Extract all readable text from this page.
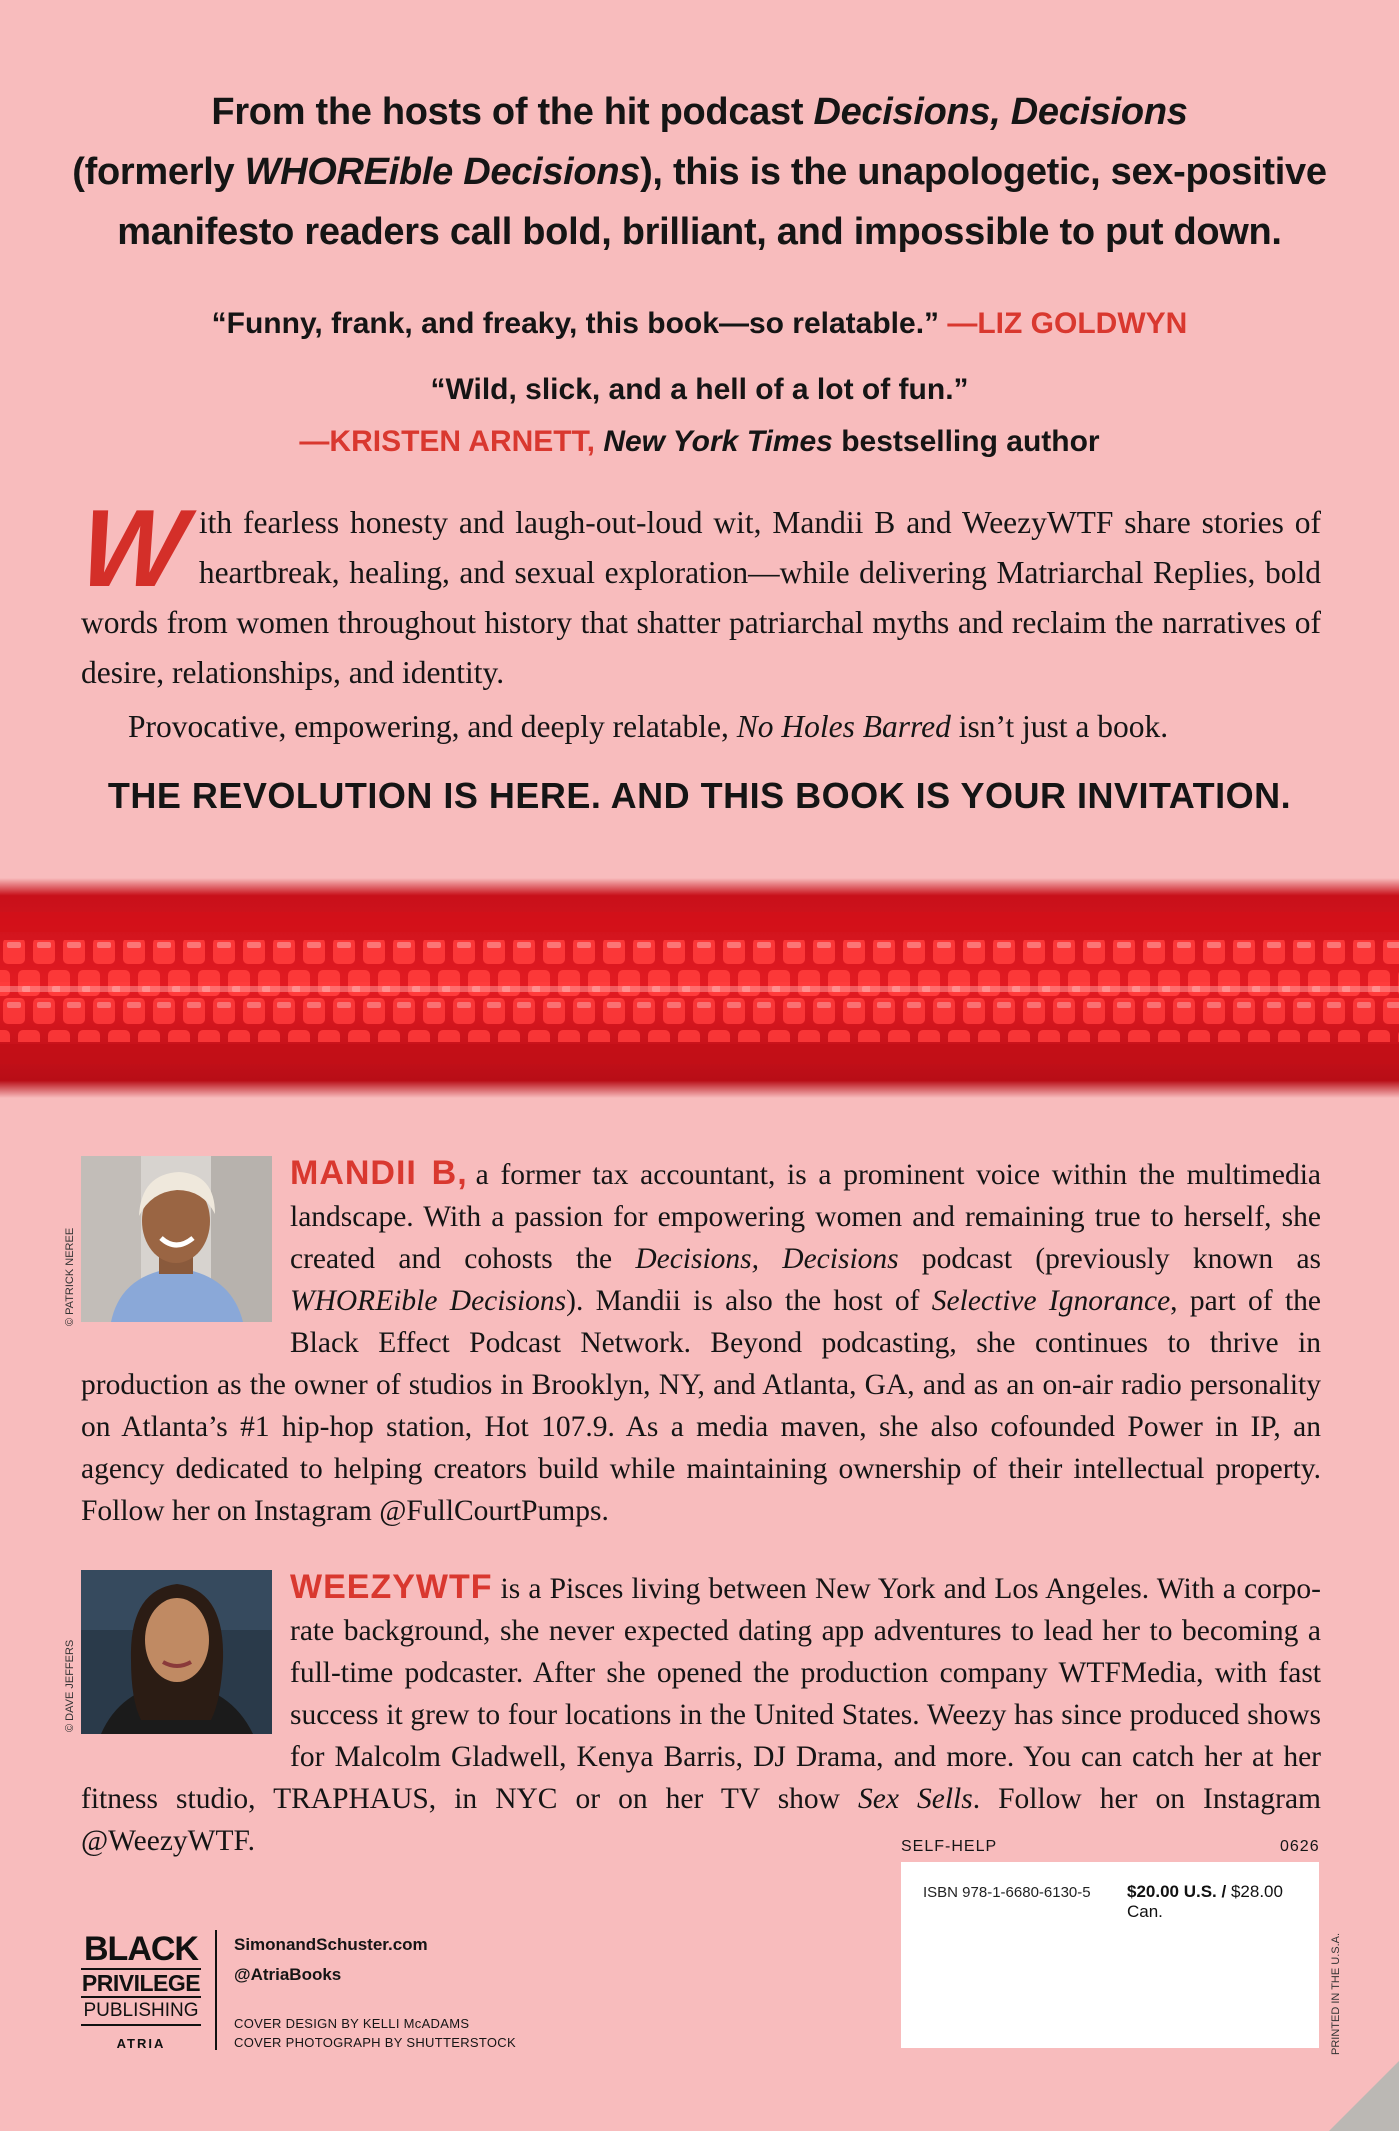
From the hosts of the hit podcast Decisions, Decisions

(formerly WHOREible Decisions), this is the unapologetic, sex-positive

manifesto readers call bold, brilliant, and impossible to put down.

“Funny, frank, and freaky, this book—so relatable.” —LIZ GOLDWYN
“Wild, slick, and a hell of a lot of fun.”
—KRISTEN ARNETT, New York Times bestselling author

With fearless honesty and laugh-out-loud wit, Mandii B and WeezyWTF share stories of heartbreak, healing, and sexual exploration—while delivering Matriarchal Replies, bold words from women throughout history that shatter patriarchal myths and reclaim the narratives of desire, relationships, and identity.

Provocative, empowering, and deeply relatable, No Holes Barred isn’t just a book.

THE REVOLUTION IS HERE. AND THIS BOOK IS YOUR INVITATION.

MANDII B, a former tax accountant, is a prominent voice within the multimedia landscape. With a passion for empowering women and remaining true to herself, she created and cohosts the Decisions, Decisions podcast (previously known as WHOREible Decisions). Mandii is also the host of Selective Ignorance, part of the Black Effect Podcast Network. Beyond podcasting, she continues to thrive in production as the owner of studios in Brooklyn, NY, and Atlanta, GA, and as an on-air radio personality on Atlanta’s #1 hip-hop station, Hot 107.9. As a media maven, she also cofounded Power in IP, an agency dedicated to helping creators build while maintaining ownership of their intellectual property. Follow her on Instagram @FullCourtPumps.

© PATRICK NEREE

WEEZYWTF is a Pisces living between New York and Los Angeles. With a corporate background, she never expected dating app adventures to lead her to becoming a full-time podcaster. After she opened the production company WTFMedia, with fast success it grew to four locations in the United States. Weezy has since produced shows for Malcolm Gladwell, Kenya Barris, DJ Drama, and more. You can catch her at her fitness studio, TRAPHAUS, in NYC or on her TV show Sex Sells. Follow her on Instagram @WeezyWTF.

© DAVE JEFFERS
SELF-HELP	0626
ISBN 978-1-6680-6130-5 $20.00 U.S. / $28.00 Can.
PRINTED IN THE U.S.A.
BLACK
PRIVILEGE
PUBLISHING
ATRIA
SimonandSchuster.com
@AtriaBooks
COVER DESIGN BY KELLI McADAMS
COVER PHOTOGRAPH BY SHUTTERSTOCK
